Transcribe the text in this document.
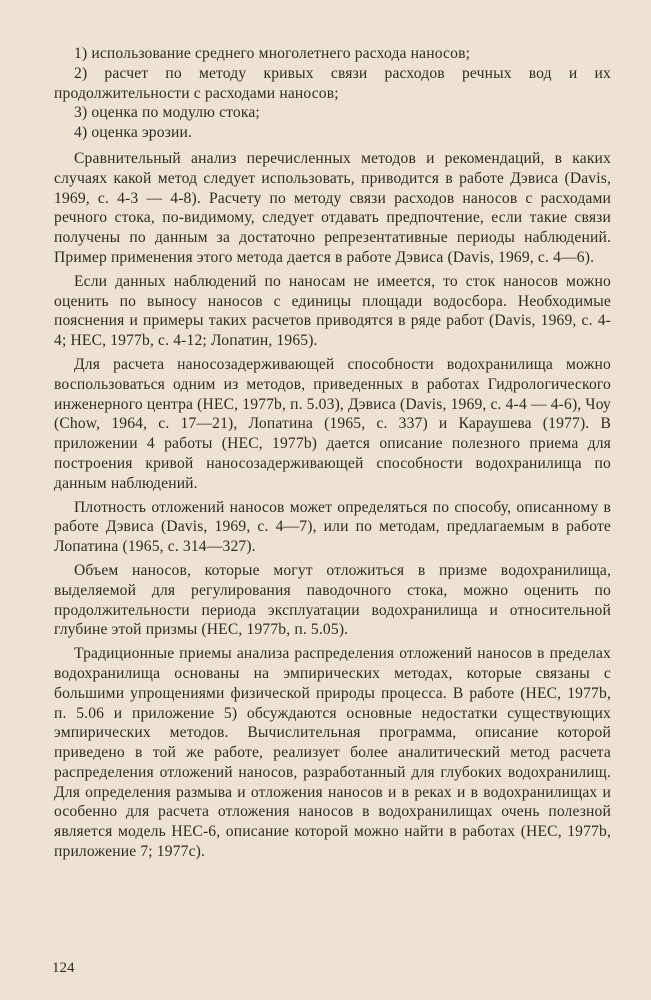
1) использование среднего многолетнего расхода наносов;

2) расчет по методу кривых связи расходов речных вод и их продолжительности с расходами наносов;

3) оценка по модулю стока;

4) оценка эрозии.

Сравнительный анализ перечисленных методов и рекомендаций, в каких случаях какой метод следует использовать, приводится в работе Дэвиса (Davis, 1969, с. 4-3 — 4-8). Расчету по методу связи расходов наносов с расходами речного стока, по-видимому, следует отдавать предпочтение, если такие связи получены по данным за достаточно репрезентативные периоды наблюдений. Пример применения этого метода дается в работе Дэвиса (Davis, 1969, с. 4—6).

Если данных наблюдений по наносам не имеется, то сток наносов можно оценить по выносу наносов с единицы площади водосбора. Необходимые пояснения и примеры таких расчетов приводятся в ряде работ (Davis, 1969, с. 4-4; HEC, 1977b, с. 4-12; Лопатин, 1965).

Для расчета наносозадерживающей способности водохранилища можно воспользоваться одним из методов, приведенных в работах Гидрологического инженерного центра (HEC, 1977b, п. 5.03), Дэвиса (Davis, 1969, с. 4-4 — 4-6), Чоу (Chow, 1964, с. 17—21), Лопатина (1965, с. 337) и Караушева (1977). В приложении 4 работы (HEC, 1977b) дается описание полезного приема для построения кривой наносозадерживающей способности водохранилища по данным наблюдений.

Плотность отложений наносов может определяться по способу, описанному в работе Дэвиса (Davis, 1969, с. 4—7), или по методам, предлагаемым в работе Лопатина (1965, с. 314—327).

Объем наносов, которые могут отложиться в призме водохранилища, выделяемой для регулирования паводочного стока, можно оценить по продолжительности периода эксплуатации водохранилища и относительной глубине этой призмы (HEC, 1977b, п. 5.05).

Традиционные приемы анализа распределения отложений наносов в пределах водохранилища основаны на эмпирических методах, которые связаны с большими упрощениями физической природы процесса. В работе (HEC, 1977b, п. 5.06 и приложение 5) обсуждаются основные недостатки существующих эмпирических методов. Вычислительная программа, описание которой приведено в той же работе, реализует более аналитический метод расчета распределения отложений наносов, разработанный для глубоких водохранилищ. Для определения размыва и отложения наносов и в реках и в водохранилищах и особенно для расчета отложения наносов в водохранилищах очень полезной является модель HEC-6, описание которой можно найти в работах (HEC, 1977b, приложение 7; 1977c).

124
